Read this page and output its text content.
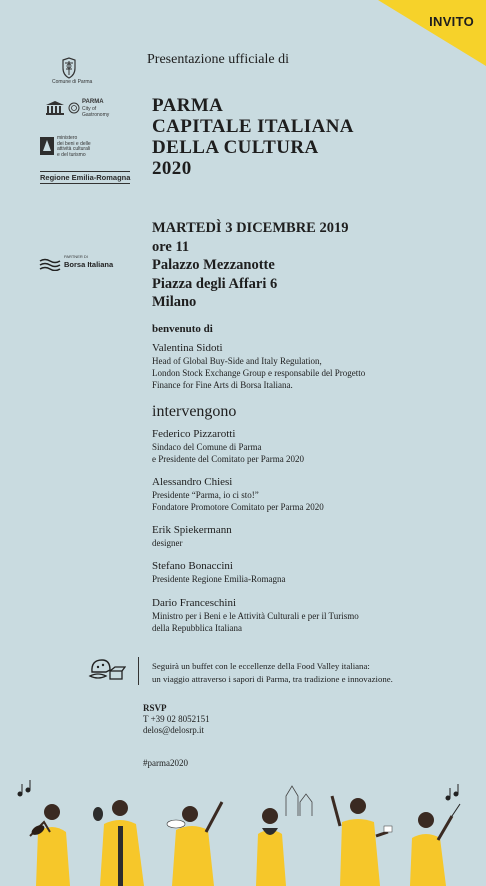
INVITO
Comune di Parma
PARMA
City of Gastronomy
ministero
dei beni e delle
attività culturali
e del turismo
Regione Emilia-Romagna
PARTNER DI
Borsa Italiana
Presentazione ufficiale di
PARMA
CAPITALE ITALIANA
DELLA CULTURA
2020
MARTEDÌ 3 DICEMBRE 2019
ore 11
Palazzo Mezzanotte
Piazza degli Affari 6
Milano
benvenuto di
Valentina Sidoti
Head of Global Buy-Side and Italy Regulation,
London Stock Exchange Group e responsabile del Progetto
Finance for Fine Arts di Borsa Italiana.
intervengono
Federico Pizzarotti
Sindaco del Comune di Parma
e Presidente del Comitato per Parma 2020
Alessandro Chiesi
Presidente “Parma, io ci sto!”
Fondatore Promotore Comitato per Parma 2020
Erik Spiekermann
designer
Stefano Bonaccini
Presidente Regione Emilia-Romagna
Dario Franceschini
Ministro per i Beni e le Attività Culturali e per il Turismo
della Repubblica Italiana
Seguirà un buffet con le eccellenze della Food Valley italiana:
un viaggio attraverso i sapori di Parma, tra tradizione e innovazione.
RSVP
T +39 02 8052151
delos@delosrp.it
#parma2020
